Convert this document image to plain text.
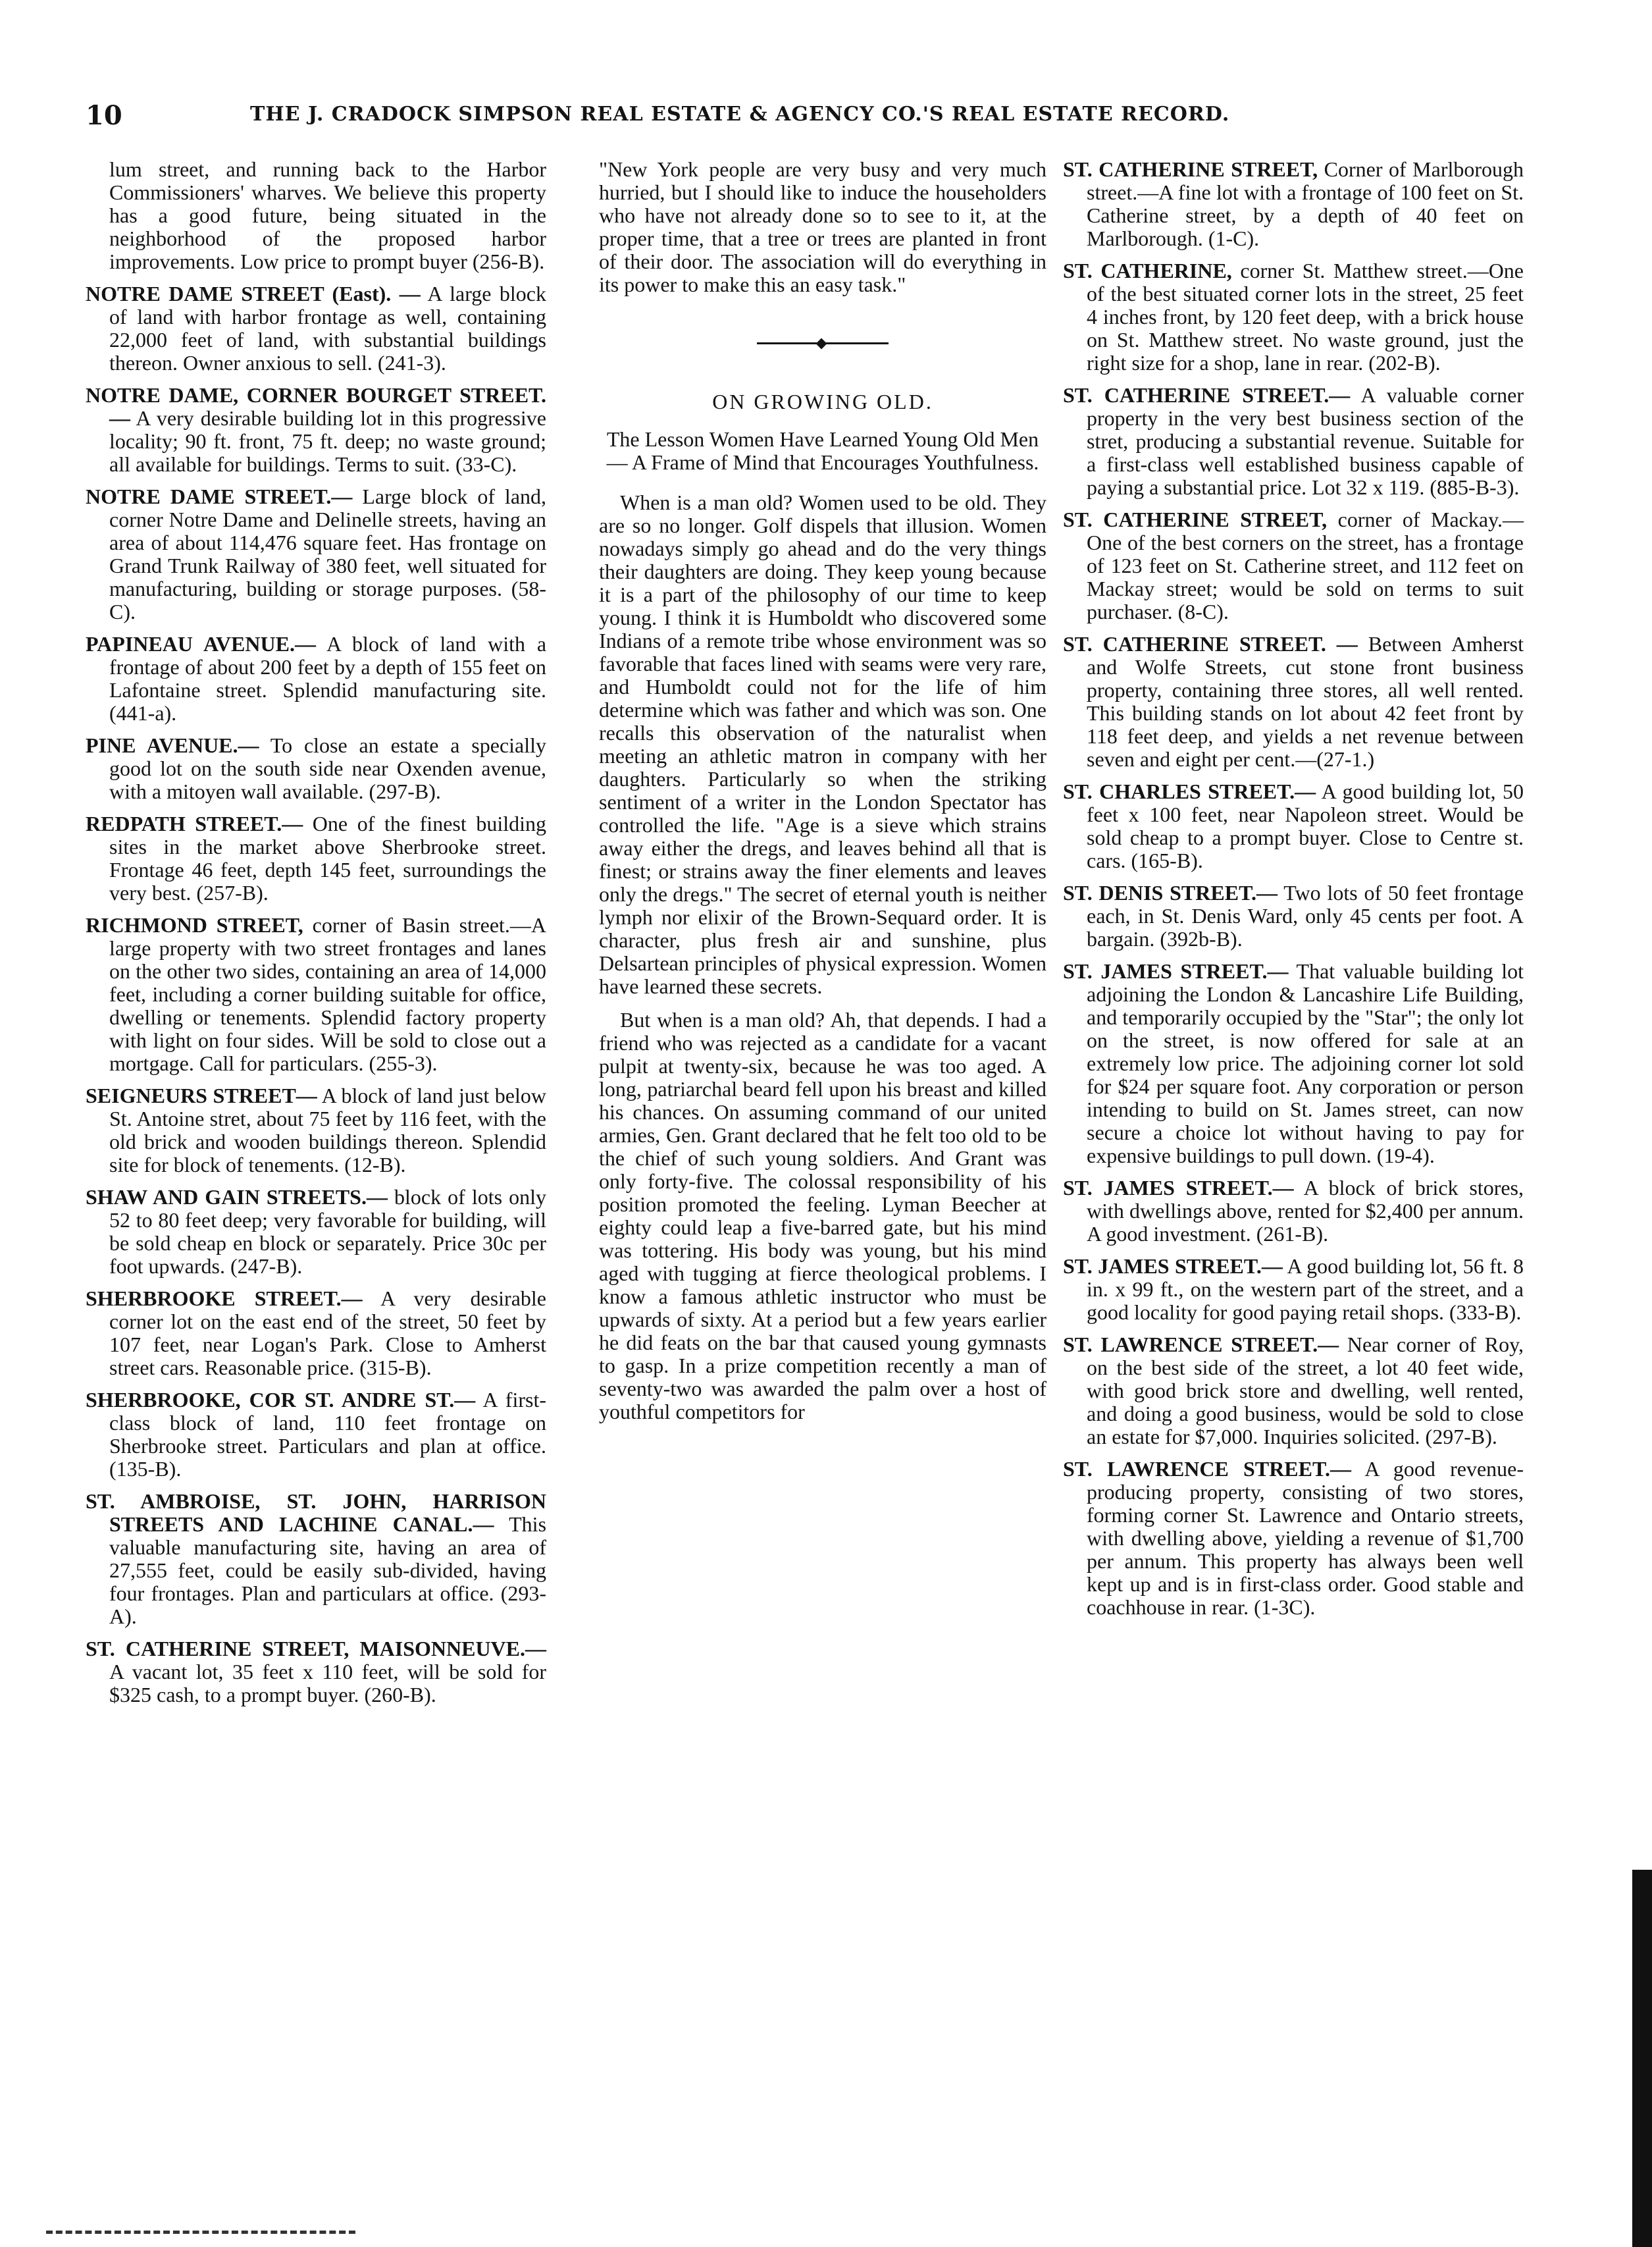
10	THE J. CRADOCK SIMPSON REAL ESTATE & AGENCY CO.'S REAL ESTATE RECORD.

lum street, and running back to the Harbor Commissioners' wharves. We believe this property has a good future, being situated in the neighborhood of the proposed harbor improvements. Low price to prompt buyer (256-B).

NOTRE DAME STREET (East). — A large block of land with harbor frontage as well, containing 22,000 feet of land, with substantial buildings thereon. Owner anxious to sell. (241-3).

NOTRE DAME, CORNER BOURGET STREET.— A very desirable building lot in this progressive locality; 90 ft. front, 75 ft. deep; no waste ground; all available for buildings. Terms to suit. (33-C).

NOTRE DAME STREET.— Large block of land, corner Notre Dame and Delinelle streets, having an area of about 114,476 square feet. Has frontage on Grand Trunk Railway of 380 feet, well situated for manufacturing, building or storage purposes. (58-C).

PAPINEAU AVENUE.— A block of land with a frontage of about 200 feet by a depth of 155 feet on Lafontaine street. Splendid manufacturing site. (441-a).

PINE AVENUE.— To close an estate a specially good lot on the south side near Oxenden avenue, with a mitoyen wall available. (297-B).

REDPATH STREET.— One of the finest building sites in the market above Sherbrooke street. Frontage 46 feet, depth 145 feet, surroundings the very best. (257-B).

RICHMOND STREET, corner of Basin street.—A large property with two street frontages and lanes on the other two sides, containing an area of 14,000 feet, including a corner building suitable for office, dwelling or tenements. Splendid factory property with light on four sides. Will be sold to close out a mortgage. Call for particulars. (255-3).

SEIGNEURS STREET— A block of land just below St. Antoine stret, about 75 feet by 116 feet, with the old brick and wooden buildings thereon. Splendid site for block of tenements. (12-B).

SHAW AND GAIN STREETS.— block of lots only 52 to 80 feet deep; very favorable for building, will be sold cheap en block or separately. Price 30c per foot upwards. (247-B).

SHERBROOKE STREET.— A very desirable corner lot on the east end of the street, 50 feet by 107 feet, near Logan's Park. Close to Amherst street cars. Reasonable price. (315-B).

SHERBROOKE, COR ST. ANDRE ST.— A first-class block of land, 110 feet frontage on Sherbrooke street. Particulars and plan at office. (135-B).

ST. AMBROISE, ST. JOHN, HARRISON STREETS AND LACHINE CANAL.— This valuable manufacturing site, having an area of 27,555 feet, could be easily sub-divided, having four frontages. Plan and particulars at office. (293-A).

ST. CATHERINE STREET, MAISONNEUVE.— A vacant lot, 35 feet x 110 feet, will be sold for $325 cash, to a prompt buyer. (260-B).

"New York people are very busy and very much hurried, but I should like to induce the householders who have not already done so to see to it, at the proper time, that a tree or trees are planted in front of their door. The association will do everything in its power to make this an easy task."

ON GROWING OLD.
The Lesson Women Have Learned Young Old Men— A Frame of Mind that Encourages Youthfulness.

When is a man old? Women used to be old. They are so no longer. Golf dispels that illusion. Women nowadays simply go ahead and do the very things their daughters are doing. They keep young because it is a part of the philosophy of our time to keep young. I think it is Humboldt who discovered some Indians of a remote tribe whose environment was so favorable that faces lined with seams were very rare, and Humboldt could not for the life of him determine which was father and which was son. One recalls this observation of the naturalist when meeting an athletic matron in company with her daughters. Particularly so when the striking sentiment of a writer in the London Spectator has controlled the life. "Age is a sieve which strains away either the dregs, and leaves behind all that is finest; or strains away the finer elements and leaves only the dregs." The secret of eternal youth is neither lymph nor elixir of the Brown-Sequard order. It is character, plus fresh air and sunshine, plus Delsartean principles of physical expression. Women have learned these secrets.

But when is a man old? Ah, that depends. I had a friend who was rejected as a candidate for a vacant pulpit at twenty-six, because he was too aged. A long, patriarchal beard fell upon his breast and killed his chances. On assuming command of our united armies, Gen. Grant declared that he felt too old to be the chief of such young soldiers. And Grant was only forty-five. The colossal responsibility of his position promoted the feeling. Lyman Beecher at eighty could leap a five-barred gate, but his mind was tottering. His body was young, but his mind aged with tugging at fierce theological problems. I know a famous athletic instructor who must be upwards of sixty. At a period but a few years earlier he did feats on the bar that caused young gymnasts to gasp. In a prize competition recently a man of seventy-two was awarded the palm over a host of youthful competitors for

ST. CATHERINE STREET, Corner of Marlborough street.—A fine lot with a frontage of 100 feet on St. Catherine street, by a depth of 40 feet on Marlborough. (1-C).

ST. CATHERINE, corner St. Matthew street.—One of the best situated corner lots in the street, 25 feet 4 inches front, by 120 feet deep, with a brick house on St. Matthew street. No waste ground, just the right size for a shop, lane in rear. (202-B).

ST. CATHERINE STREET.— A valuable corner property in the very best business section of the stret, producing a substantial revenue. Suitable for a first-class well established business capable of paying a substantial price. Lot 32 x 119. (885-B-3).

ST. CATHERINE STREET, corner of Mackay.—One of the best corners on the street, has a frontage of 123 feet on St. Catherine street, and 112 feet on Mackay street; would be sold on terms to suit purchaser. (8-C).

ST. CATHERINE STREET. — Between Amherst and Wolfe Streets, cut stone front business property, containing three stores, all well rented. This building stands on lot about 42 feet front by 118 feet deep, and yields a net revenue between seven and eight per cent.—(27-1.)

ST. CHARLES STREET.— A good building lot, 50 feet x 100 feet, near Napoleon street. Would be sold cheap to a prompt buyer. Close to Centre st. cars. (165-B).

ST. DENIS STREET.— Two lots of 50 feet frontage each, in St. Denis Ward, only 45 cents per foot. A bargain. (392b-B).

ST. JAMES STREET.— That valuable building lot adjoining the London & Lancashire Life Building, and temporarily occupied by the "Star"; the only lot on the street, is now offered for sale at an extremely low price. The adjoining corner lot sold for $24 per square foot. Any corporation or person intending to build on St. James street, can now secure a choice lot without having to pay for expensive buildings to pull down. (19-4).

ST. JAMES STREET.— A block of brick stores, with dwellings above, rented for $2,400 per annum. A good investment. (261-B).

ST. JAMES STREET.— A good building lot, 56 ft. 8 in. x 99 ft., on the western part of the street, and a good locality for good paying retail shops. (333-B).

ST. LAWRENCE STREET.— Near corner of Roy, on the best side of the street, a lot 40 feet wide, with good brick store and dwelling, well rented, and doing a good business, would be sold to close an estate for $7,000. Inquiries solicited. (297-B).

ST. LAWRENCE STREET.— A good revenue-producing property, consisting of two stores, forming corner St. Lawrence and Ontario streets, with dwelling above, yielding a revenue of $1,700 per annum. This property has always been well kept up and is in first-class order. Good stable and coachhouse in rear. (1-3C).
